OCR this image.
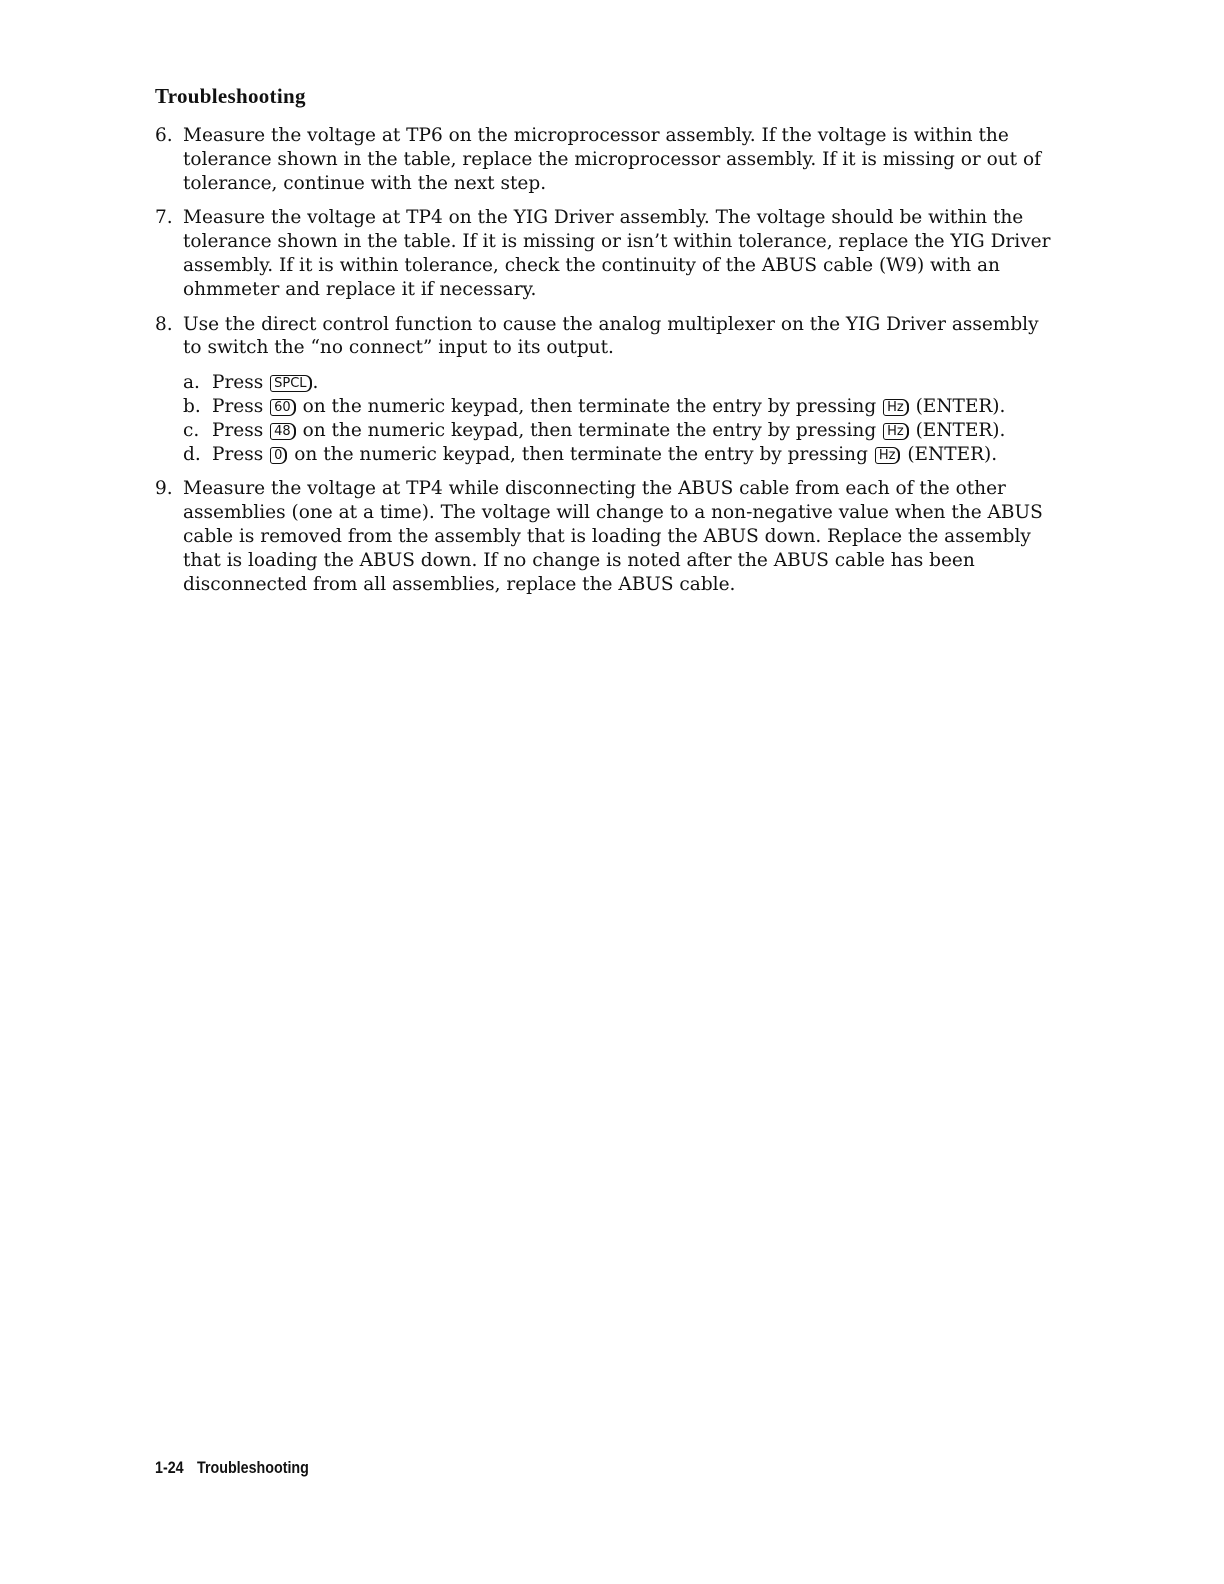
Troubleshooting
6. Measure the voltage at TP6 on the microprocessor assembly. If the voltage is within the tolerance shown in the table, replace the microprocessor assembly. If it is missing or out of tolerance, continue with the next step.
7. Measure the voltage at TP4 on the YIG Driver assembly. The voltage should be within the tolerance shown in the table. If it is missing or isn’t within tolerance, replace the YIG Driver assembly. If it is within tolerance, check the continuity of the ABUS cable (W9) with an ohmmeter and replace it if necessary.
8. Use the direct control function to cause the analog multiplexer on the YIG Driver assembly to switch the “no connect” input to its output.
a. Press SPCL .
b. Press 60 on the numeric keypad, then terminate the entry by pressing Hz (ENTER).
c. Press 48 on the numeric keypad, then terminate the entry by pressing Hz (ENTER).
d. Press 0 on the numeric keypad, then terminate the entry by pressing Hz (ENTER).
9. Measure the voltage at TP4 while disconnecting the ABUS cable from each of the other assemblies (one at a time). The voltage will change to a non-negative value when the ABUS cable is removed from the assembly that is loading the ABUS down. Replace the assembly that is loading the ABUS down. If no change is noted after the ABUS cable has been disconnected from all assemblies, replace the ABUS cable.
1-24 Troubleshooting
